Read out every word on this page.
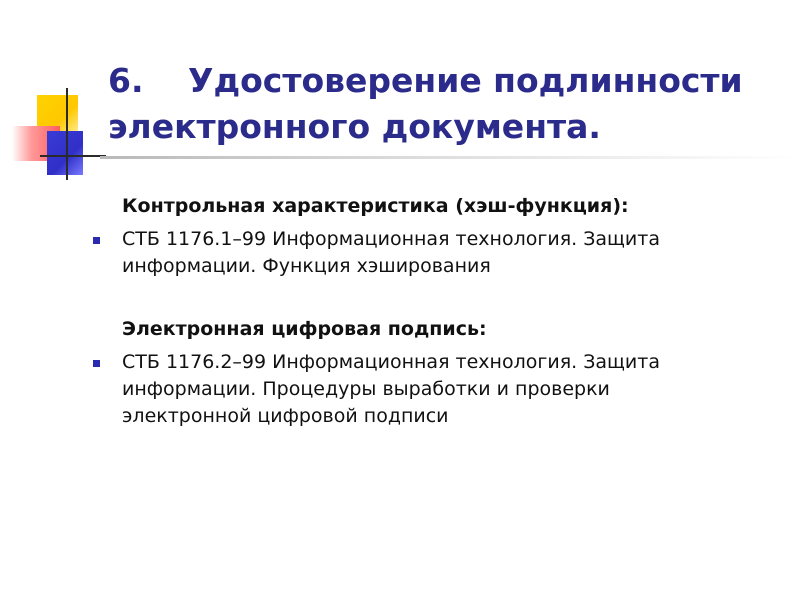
6. Удостоверение подлинности
электронного документа.
Контрольная характеристика (хэш-функция):
СТБ 1176.1–99 Информационная технология. Защита
информации. Функция хэширования
Электронная цифровая подпись:
СТБ 1176.2–99 Информационная технология. Защита
информации. Процедуры выработки и проверки
электронной цифровой подписи
